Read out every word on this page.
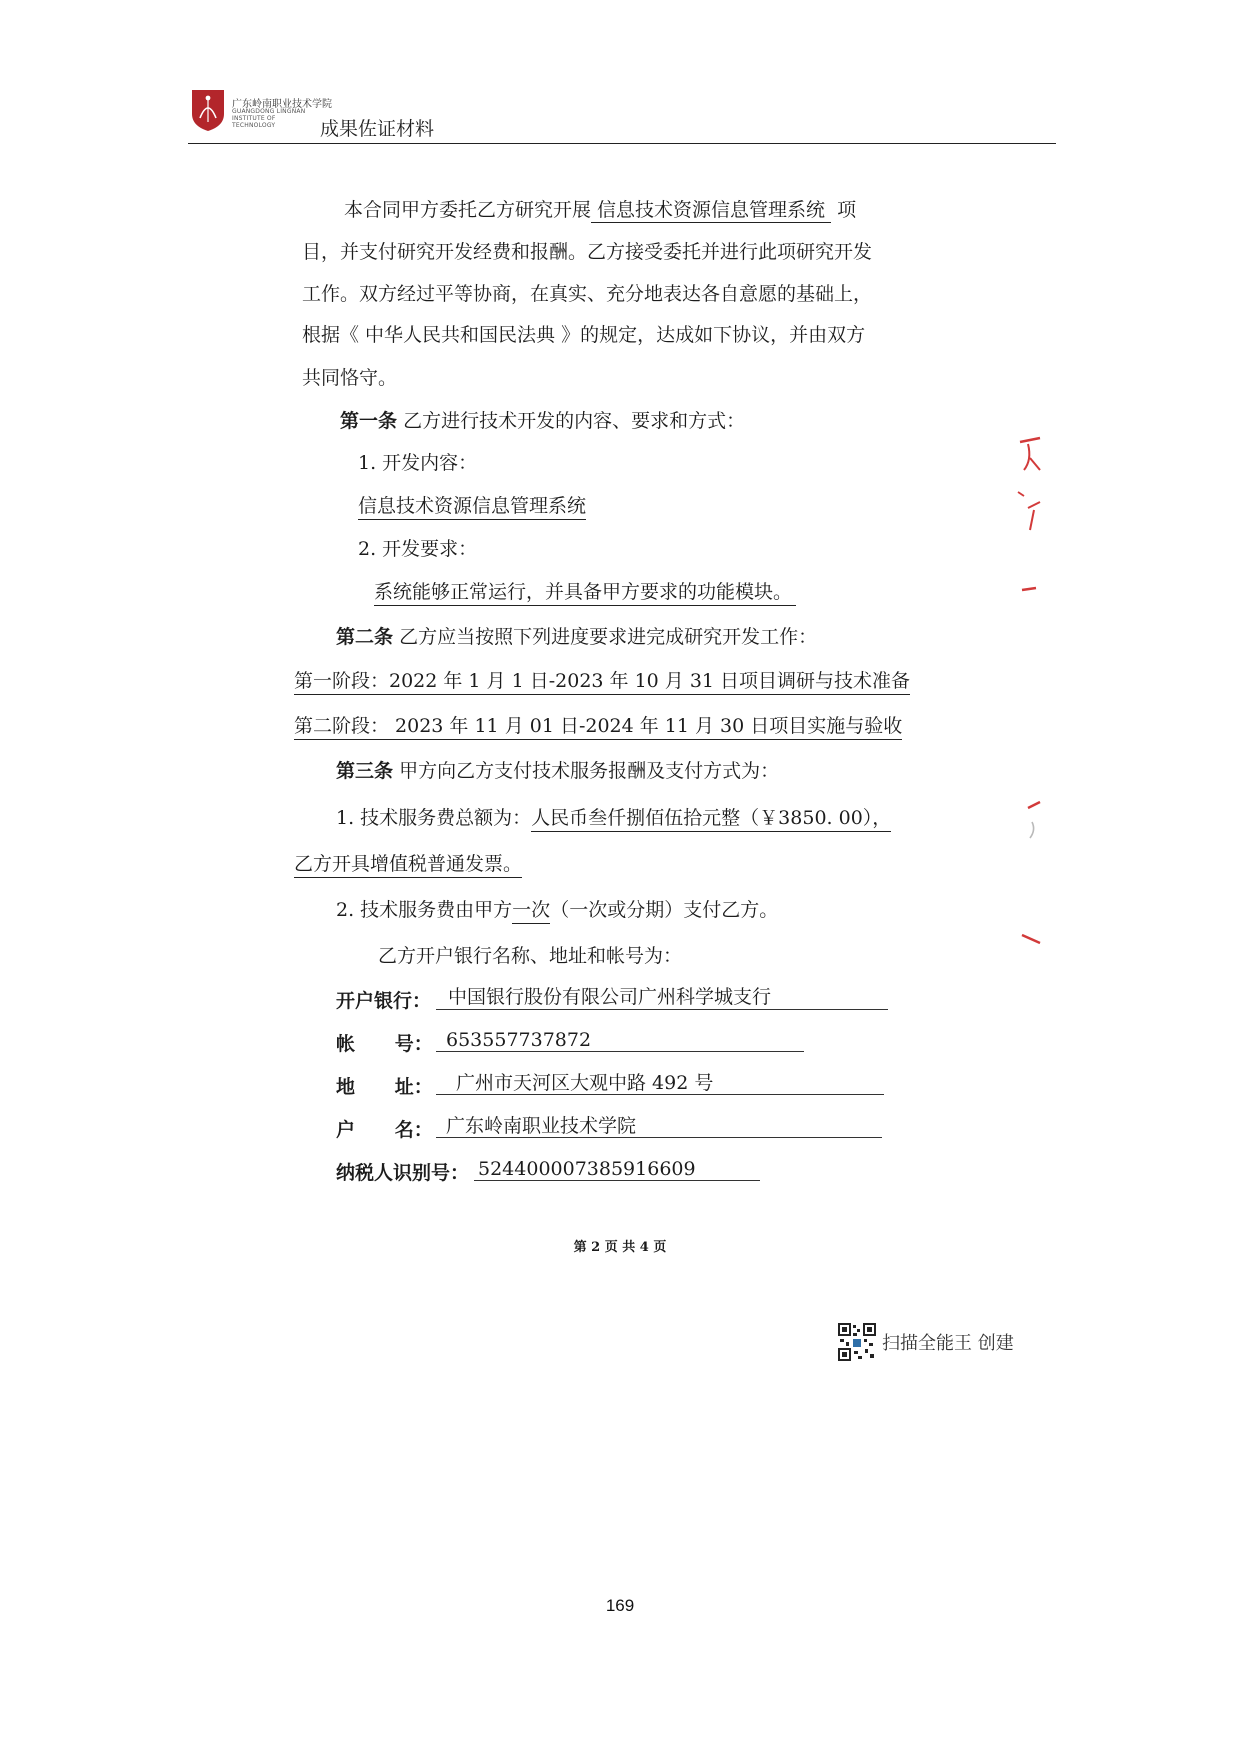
广东岭南职业技术学院
GUANGDONG LINGNAN INSTITUTE OF TECHNOLOGY	成果佐证材料
本合同甲方委托乙方研究开展 信息技术资源信息管理系统 项
目，并支付研究开发经费和报酬。乙方接受委托并进行此项研究开发
工作。双方经过平等协商，在真实、充分地表达各自意愿的基础上，
根据《 中华人民共和国民法典 》的规定，达成如下协议，并由双方
共同恪守。
第一条 乙方进行技术开发的内容、要求和方式：
1. 开发内容：
信息技术资源信息管理系统
2. 开发要求：
系统能够正常运行，并具备甲方要求的功能模块。
第二条 乙方应当按照下列进度要求进完成研究开发工作：
第一阶段：2022 年 1 月 1 日-2023 年 10 月 31 日项目调研与技术准备
第二阶段： 2023 年 11 月 01 日-2024 年 11 月 30 日项目实施与验收
第三条 甲方向乙方支付技术服务报酬及支付方式为：
1. 技术服务费总额为：人民币叁仟捌佰伍拾元整（￥3850. 00），
乙方开具增值税普通发票。
2. 技术服务费由甲方一次（一次或分期）支付乙方。
乙方开户银行名称、地址和帐号为：
开户银行： 中国银行股份有限公司广州科学城支行
帐      号： 653557737872
地      址： 广州市天河区大观中路 492 号
户      名： 广东岭南职业技术学院
纳税人识别号： 524400007385916609
第 2 页 共 4 页
扫描全能王 创建
169
